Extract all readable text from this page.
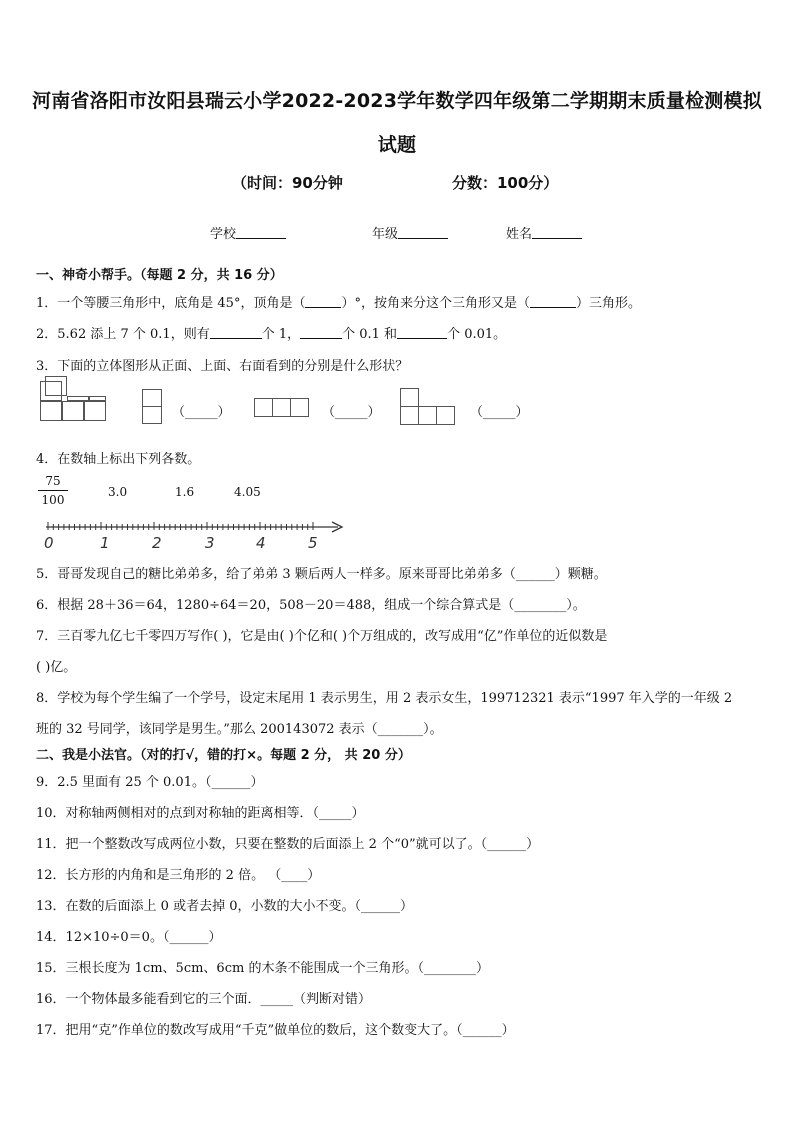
河南省洛阳市汝阳县瑞云小学2022-2023学年数学四年级第二学期期末质量检测模拟
试题
（时间：90分钟	分数：100分）
学校	年级	姓名
一、神奇小帮手。（每题 2 分，共 16 分）
1．一个等腰三角形中，底角是 45°，顶角是（	）°，按角来分这个三角形又是（	）三角形。
2．5.62 添上 7 个 0.1，则有	个 1，	个 0.1 和	个 0.01。
3．下面的立体图形从正面、上面、右面看到的分别是什么形状？
（_____）	（_____）	（_____）
4．在数轴上标出下列各数。
75
100
3.0	1.6	4.05
0	1	2	3	4	5
5．哥哥发现自己的糖比弟弟多，给了弟弟 3 颗后两人一样多。原来哥哥比弟弟多（______）颗糖。
6．根据 28＋36＝64，1280÷64＝20，508－20＝488，组成一个综合算式是（________）。
7．三百零九亿七千零四万写作( )，它是由( )个亿和( )个万组成的，改写成用“亿”作单位的近似数是
( )亿。
8．学校为每个学生编了一个学号，设定末尾用 1 表示男生，用 2 表示女生，199712321 表示“1997 年入学的一年级 2
班的 32 号同学，该同学是男生。”那么 200143072 表示（_______）。
二、我是小法官。（对的打√，错的打×。每题 2 分， 共 20 分）
9．2.5 里面有 25 个 0.01。（______）
10．对称轴两侧相对的点到对称轴的距离相等．（_____）
11．把一个整数改写成两位小数，只要在整数的后面添上 2 个“0”就可以了。（______）
12．长方形的内角和是三角形的 2 倍。 （____）
13．在数的后面添上 0 或者去掉 0，小数的大小不变。（______）
14．12×10÷0＝0。（______）
15．三根长度为 1cm、5cm、6cm 的木条不能围成一个三角形。（________）
16．一个物体最多能看到它的三个面．_____（判断对错）
17．把用“克”作单位的数改写成用“千克”做单位的数后，这个数变大了。（______）
